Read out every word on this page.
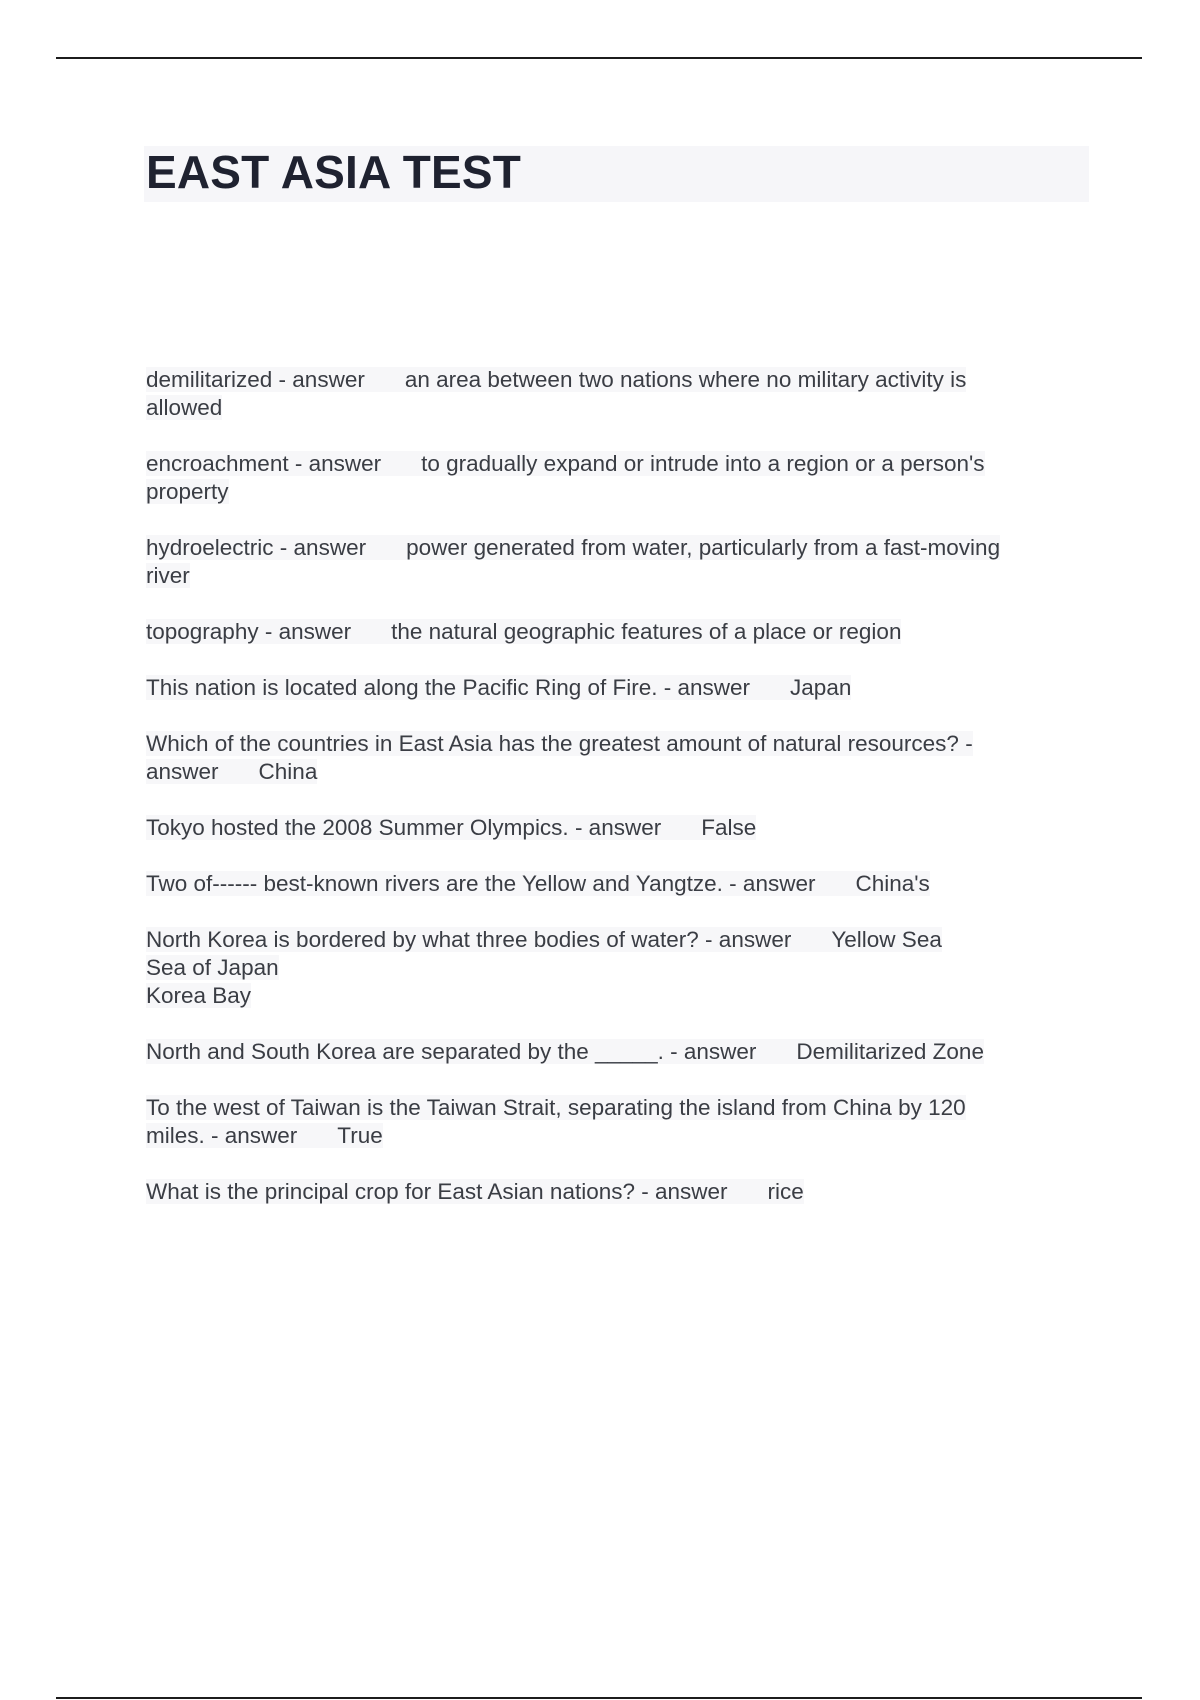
EAST ASIA TEST
demilitarized - answer an area between two nations where no military activity is
allowed
encroachment - answer to gradually expand or intrude into a region or a person's
property
hydroelectric - answer power generated from water, particularly from a fast-moving
river
topography - answer the natural geographic features of a place or region
This nation is located along the Pacific Ring of Fire. - answer Japan
Which of the countries in East Asia has the greatest amount of natural resources? -
answer China
Tokyo hosted the 2008 Summer Olympics. - answer False
Two of------ best-known rivers are the Yellow and Yangtze. - answer China's
North Korea is bordered by what three bodies of water? - answer Yellow Sea
Sea of Japan
Korea Bay
North and South Korea are separated by the _____. - answer Demilitarized Zone
To the west of Taiwan is the Taiwan Strait, separating the island from China by 120
miles. - answer True
What is the principal crop for East Asian nations? - answer rice
